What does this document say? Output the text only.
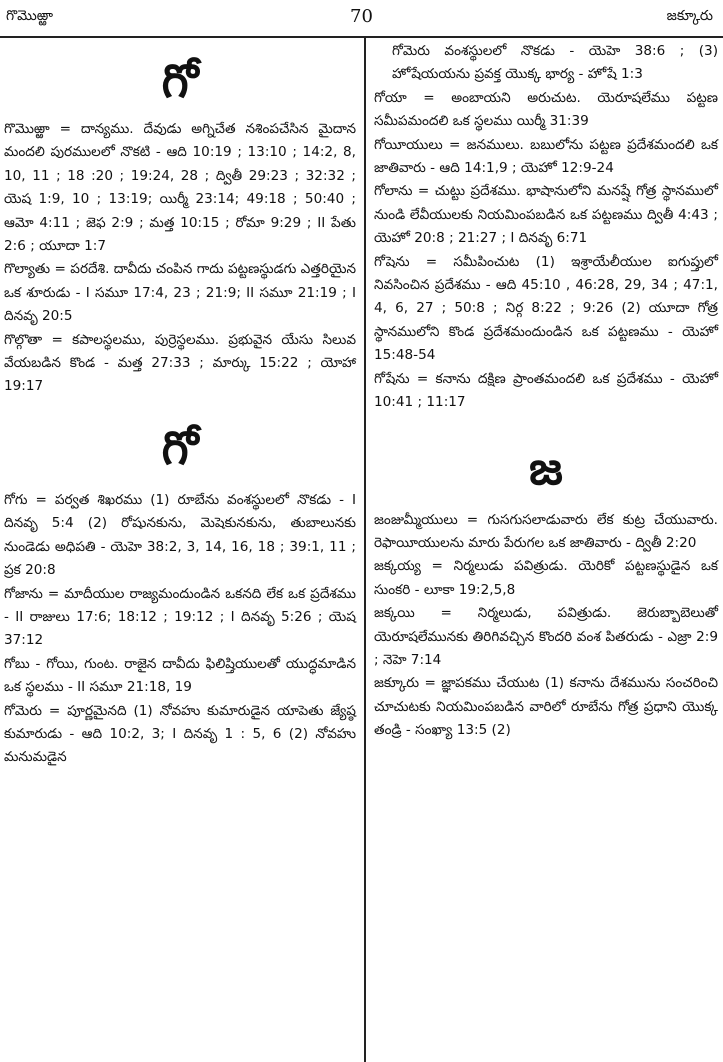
గొమొఱ్ఱా	70	జక్కూరు
గో

గొమొఱ్ఱా = దాన్యము. దేవుడు అగ్నిచేత నశింపచేసిన మైదాన మందలి పురములలో నొకటి - ఆది 10:19 ; 13:10 ; 14:2, 8, 10, 11 ; 18 :20 ; 19:24, 28 ; ద్వితీ 29:23 ; 32:32 ; యెష 1:9, 10 ; 13:19; యిర్మీ 23:14; 49:18 ; 50:40 ; ఆమో 4:11 ; జెఫ 2:9 ; మత్త 10:15 ; రోమా 9:29 ; II పేతు 2:6 ; యూదా 1:7

గొల్యాతు = పరదేశి. దావీదు చంపిన గాదు పట్టణస్థుడగు ఎత్తరియైన ఒక శూరుడు - I సమూ 17:4, 23 ; 21:9; II సమూ 21:19 ; I దినవృ 20:5

గొల్గొతా = కపాలస్థలము, పుర్రెస్థలము. ప్రభువైన యేసు సిలువ వేయబడిన కొండ - మత్త 27:33 ; మార్కు 15:22 ; యోహా 19:17

గో

గోగు = పర్వత శిఖరము (1) రూబేను వంశస్థులలో నొకడు - I దినవృ 5:4 (2) రోషునకును, మెషెకునకును, తుబాలునకు నుండెడు అధిపతి - యెహె 38:2, 3, 14, 16, 18 ; 39:1, 11 ; ప్రక 20:8

గోజాను = మాదీయుల రాజ్యమందుండిన ఒకనది లేక ఒక ప్రదేశము - II రాజులు 17:6; 18:12 ; 19:12 ; I దినవృ 5:26 ; యెష 37:12

గోబు - గోయి, గుంట. రాజైన దావీదు ఫిలిష్తియులతో యుద్ధమాడిన ఒక స్థలము - II సమూ 21:18, 19

గోమెరు = పూర్ణమైనది (1) నోవహు కుమారుడైన యాపెతు జ్యేష్ఠ కుమారుడు - ఆది 10:2, 3; I దినవృ 1 : 5, 6 (2) నోవహు మనుమడైన

గోమెరు వంశస్థులలో నొకడు - యెహె 38:6 ; (3) హోషేయయను ప్రవక్త యొక్క భార్య - హోషే 1:3

గోయా = అంబాయని అరుచుట. యెరూషలేము పట్టణ సమీపమందలి ఒక స్థలము యిర్మీ 31:39

గోయీయులు = జనములు. బబులోను పట్టణ ప్రదేశమందలి ఒక జాతివారు - ఆది 14:1,9 ; యెహో 12:9-24

గోలాను = చుట్టు ప్రదేశము. భాషానులోని మనష్షే గోత్ర స్థానములో నుండి లేవీయులకు నియమింపబడిన ఒక పట్టణము ద్వితీ 4:43 ; యెహో 20:8 ; 21:27 ; I దినవృ 6:71

గోషెను = సమీపించుట (1) ఇశ్రాయేలీయుల ఐగుప్తులో నివసించిన ప్రదేశము - ఆది 45:10 , 46:28, 29, 34 ; 47:1, 4, 6, 27 ; 50:8 ; నిర్గ 8:22 ; 9:26 (2) యూదా గోత్ర స్థానములోని కొండ ప్రదేశమందుండిన ఒక పట్టణము - యెహో 15:48-54

గోషేను = కనాను దక్షిణ ప్రాంతమందలి ఒక ప్రదేశము - యెహో 10:41 ; 11:17

జ

జంజుమ్మీయులు = గుసగుసలాడువారు లేక కుట్ర చేయువారు. రెఫాయీయులను మారు పేరుగల ఒక జాతివారు - ద్వితీ 2:20

జక్కయ్య = నిర్మలుడు పవిత్రుడు. యెరికో పట్టణస్థుడైన ఒక సుంకరి - లూకా 19:2,5,8

జక్కయి = నిర్మలుడు, పవిత్రుడు. జెరుబ్బాబెలుతో యెరూషలేమునకు తిరిగివచ్చిన కొందరి వంశ పితరుడు - ఎజ్రా 2:9 ; నెహె 7:14

జక్కూరు = జ్ఞాపకము చేయుట (1) కనాను దేశమును సంచరించి చూచుటకు నియమింపబడిన వారిలో రూబేను గోత్ర ప్రధాని యొక్క తండ్రి - సంఖ్యా 13:5 (2)
